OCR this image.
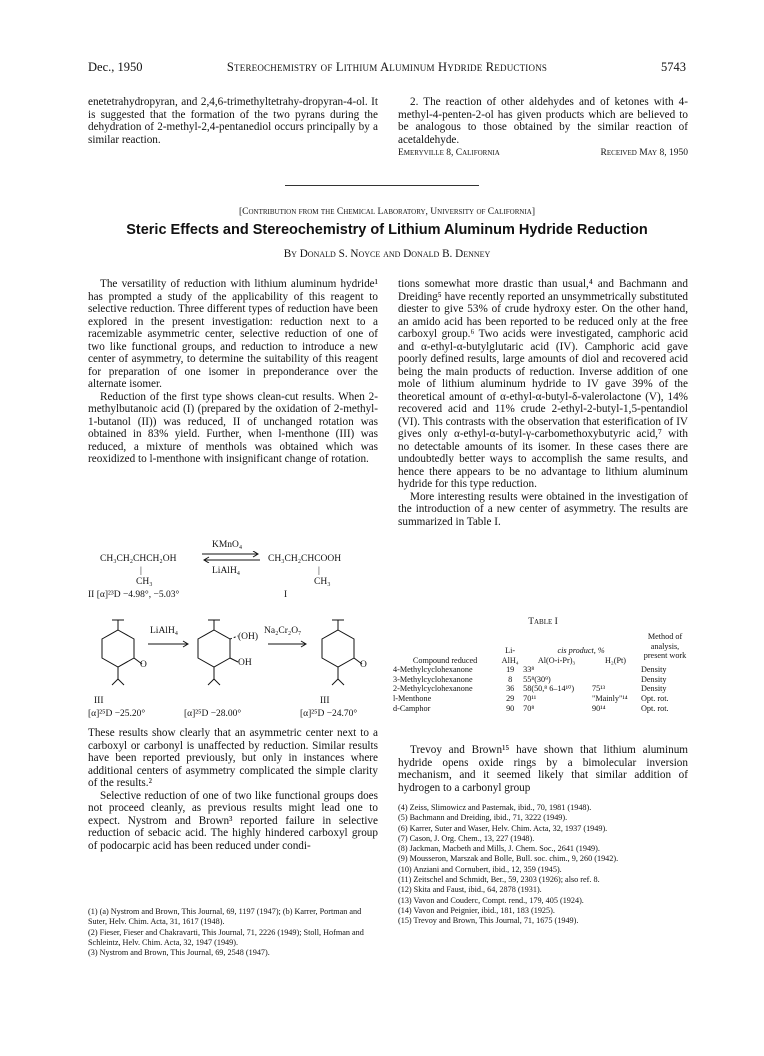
Dec., 1950	Stereochemistry of Lithium Aluminum Hydride Reductions	5743

enetetrahydropyran, and 2,4,6-trimethyltetrahy-dropyran-4-ol. It is suggested that the formation of the two pyrans during the dehydration of 2-methyl-2,4-pentanediol occurs principally by a similar reaction.

2. The reaction of other aldehydes and of ketones with 4-methyl-4-penten-2-ol has given products which are believed to be analogous to those obtained by the similar reaction of acetaldehyde.

Emeryville 8, California	Received May 8, 1950
[Contribution from the Chemical Laboratory, University of California]
Steric Effects and Stereochemistry of Lithium Aluminum Hydride Reduction
By Donald S. Noyce and Donald B. Denney

The versatility of reduction with lithium aluminum hydride¹ has prompted a study of the applicability of this reagent to selective reduction. Three different types of reduction have been explored in the present investigation: reduction next to a racemizable asymmetric center, selective reduction of one of two like functional groups, and reduction to introduce a new center of asymmetry, to determine the suitability of this reagent for preparation of one isomer in preponderance over the alternate isomer.

Reduction of the first type shows clean-cut results. When 2-methylbutanoic acid (I) (prepared by the oxidation of 2-methyl-1-butanol (II)) was reduced, II of unchanged rotation was obtained in 83% yield. Further, when l-menthone (III) was reduced, a mixture of menthols was obtained which was reoxidized to l-menthone with insignificant change of rotation.

KMnO₄
CH₃CH₂CHCH₂OH	CH₃CH₂CHCOOH
LiAlH₄
|	|
CH₃	CH₃
II [α]²³D −4.98°, −5.03°	I
O
LiAlH₄
(OH)
OH
Na₂Cr₂O₇
O
III	III
[α]²⁵D −25.20°	[α]²⁵D −28.00°	[α]²⁵D −24.70°

These results show clearly that an asymmetric center next to a carboxyl or carbonyl is unaffected by reduction. Similar results have been reported previously, but only in instances where additional centers of asymmetry complicated the simple clarity of the results.²

Selective reduction of one of two like functional groups does not proceed cleanly, as previous results might lead one to expect. Nystrom and Brown³ reported failure in selective reduction of sebacic acid. The highly hindered carboxyl group of podocarpic acid has been reduced under condi-

(1) (a) Nystrom and Brown, This Journal, 69, 1197 (1947); (b) Karrer, Portman and Suter, Helv. Chim. Acta, 31, 1617 (1948).

(2) Fieser, Fieser and Chakravarti, This Journal, 71, 2226 (1949); Stoll, Hofman and Schleintz, Helv. Chim. Acta, 32, 1947 (1949).

(3) Nystrom and Brown, This Journal, 69, 2548 (1947).

tions somewhat more drastic than usual,⁴ and Bachmann and Dreiding⁵ have recently reported an unsymmetrically substituted diester to give 53% of crude hydroxy ester. On the other hand, an amido acid has been reported to be reduced only at the free carboxyl group.⁶ Two acids were investigated, camphoric acid and α-ethyl-α-butylglutaric acid (IV). Camphoric acid gave poorly defined results, large amounts of diol and recovered acid being the main products of reduction. Inverse addition of one mole of lithium aluminum hydride to IV gave 39% of the theoretical amount of α-ethyl-α-butyl-δ-valerolactone (V), 14% recovered acid and 11% crude 2-ethyl-2-butyl-1,5-pentandiol (VI). This contrasts with the observation that esterification of IV gives only α-ethyl-α-butyl-γ-carbomethoxybutyric acid,⁷ with no detectable amounts of its isomer. In these cases there are undoubtedly better ways to accomplish the same results, and hence there appears to be no advantage to lithium aluminum hydride for this type reduction.

More interesting results were obtained in the investigation of the introduction of a new center of asymmetry. The results are summarized in Table I.

Table I
Compound reduced	Li-AlH₄	cis product, %		Method of analysis, present work
		Al(O-i-Pr)₃	H₂(Pt)	
4-Methylcyclohexanone	19	33⁸		Density
3-Methylcyclohexanone	8	55⁸(30⁹)		Density
2-Methylcyclohexanone	36	58(50,⁸ 6–14¹⁰)	75¹³	Density
l-Menthone	29	70¹¹	"Mainly"¹⁴	Opt. rot.
d-Camphor	90	70⁸	90¹⁴	Opt. rot.

Trevoy and Brown¹⁵ have shown that lithium aluminum hydride opens oxide rings by a bimolecular inversion mechanism, and it seemed likely that similar addition of hydrogen to a carbonyl group

(4) Zeiss, Slimowicz and Pasternak, ibid., 70, 1981 (1948).

(5) Bachmann and Dreiding, ibid., 71, 3222 (1949).

(6) Karrer, Suter and Waser, Helv. Chim. Acta, 32, 1937 (1949).

(7) Cason, J. Org. Chem., 13, 227 (1948).

(8) Jackman, Macbeth and Mills, J. Chem. Soc., 2641 (1949).

(9) Mousseron, Marszak and Bolle, Bull. soc. chim., 9, 260 (1942).

(10) Anziani and Cornubert, ibid., 12, 359 (1945).

(11) Zeitschel and Schmidt, Ber., 59, 2303 (1926); also ref. 8.

(12) Skita and Faust, ibid., 64, 2878 (1931).

(13) Vavon and Couderc, Compt. rend., 179, 405 (1924).

(14) Vavon and Peignier, ibid., 181, 183 (1925).

(15) Trevoy and Brown, This Journal, 71, 1675 (1949).
